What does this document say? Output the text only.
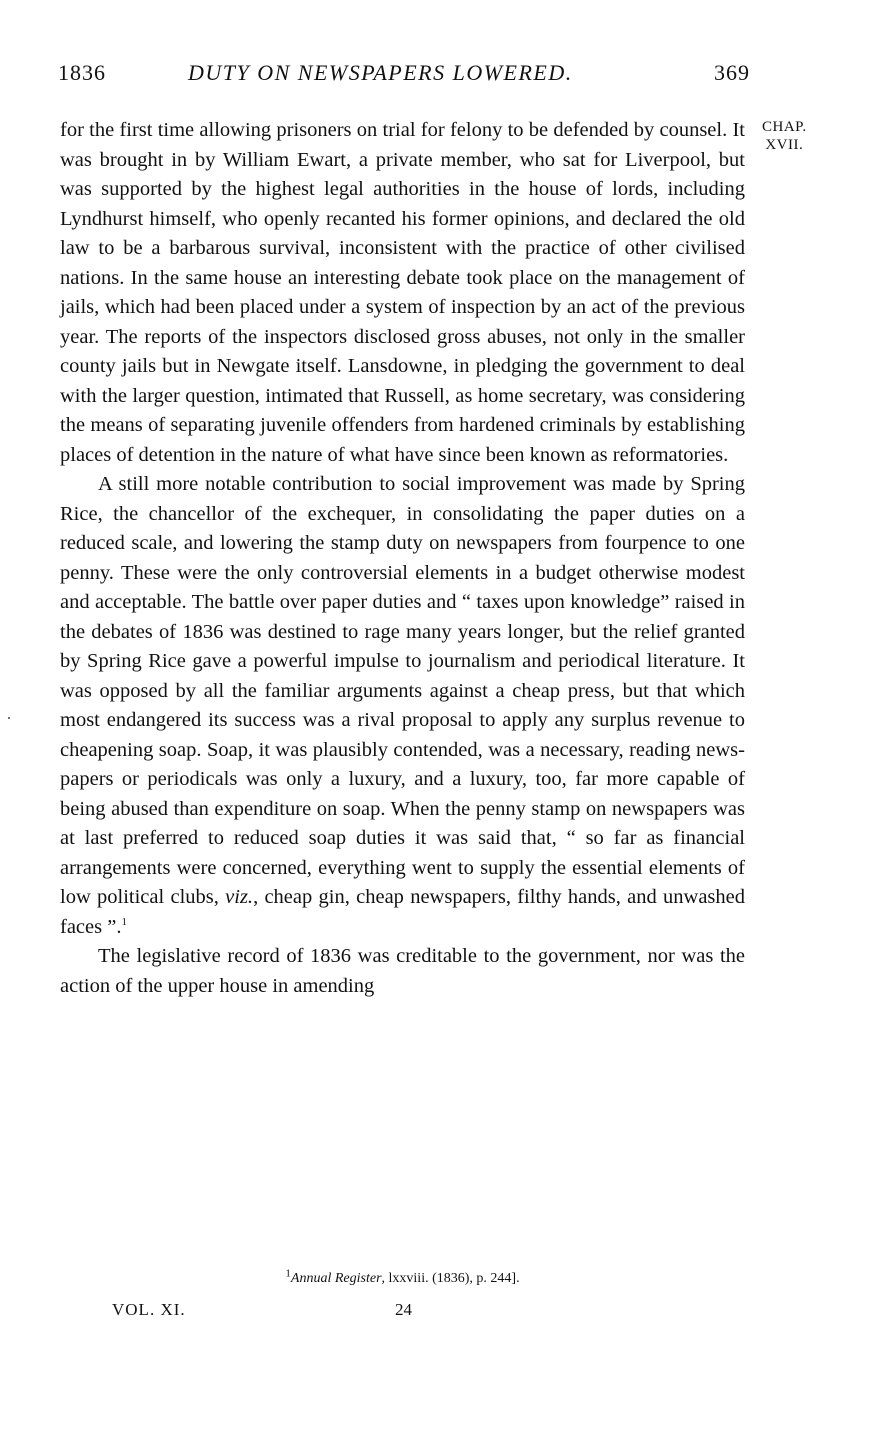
1836	DUTY ON NEWSPAPERS LOWERED.	369
CHAP.
XVII.

for the first time allowing prisoners on trial for felony to be defended by counsel. It was brought in by William Ewart, a private member, who sat for Liverpool, but was supported by the highest legal authorities in the house of lords, including Lyndhurst himself, who openly recanted his former opinions, and declared the old law to be a barbarous survival, inconsistent with the practice of other civilised nations. In the same house an interesting debate took place on the management of jails, which had been placed under a system of inspection by an act of the previous year. The reports of the inspectors disclosed gross abuses, not only in the smaller county jails but in Newgate itself. Lansdowne, in pledging the government to deal with the larger question, intimated that Russell, as home secretary, was considering the means of separating juvenile offenders from hardened criminals by establishing places of detention in the nature of what have since been known as reformatories.

A still more notable contribution to social improvement was made by Spring Rice, the chancellor of the exchequer, in consolidating the paper duties on a reduced scale, and lowering the stamp duty on newspapers from fourpence to one penny. These were the only controversial elements in a budget otherwise modest and acceptable. The battle over paper duties and “ taxes upon knowledge” raised in the debates of 1836 was destined to rage many years longer, but the relief granted by Spring Rice gave a powerful impulse to journalism and periodical literature. It was opposed by all the familiar arguments against a cheap press, but that which most endangered its success was a rival proposal to apply any surplus revenue to cheapening soap. Soap, it was plausibly contended, was a necessary, reading newspapers or periodicals was only a luxury, and a luxury, too, far more capable of being abused than expenditure on soap. When the penny stamp on newspapers was at last preferred to reduced soap duties it was said that, “ so far as financial arrangements were concerned, everything went to supply the essential elements of low political clubs, viz., cheap gin, cheap newspapers, filthy hands, and unwashed faces ”.$^1$

The legislative record of 1836 was creditable to the government, nor was the action of the upper house in amending

$^1$Annual Register, lxxviii. (1836), p. 244].
VOL. XI.	24
